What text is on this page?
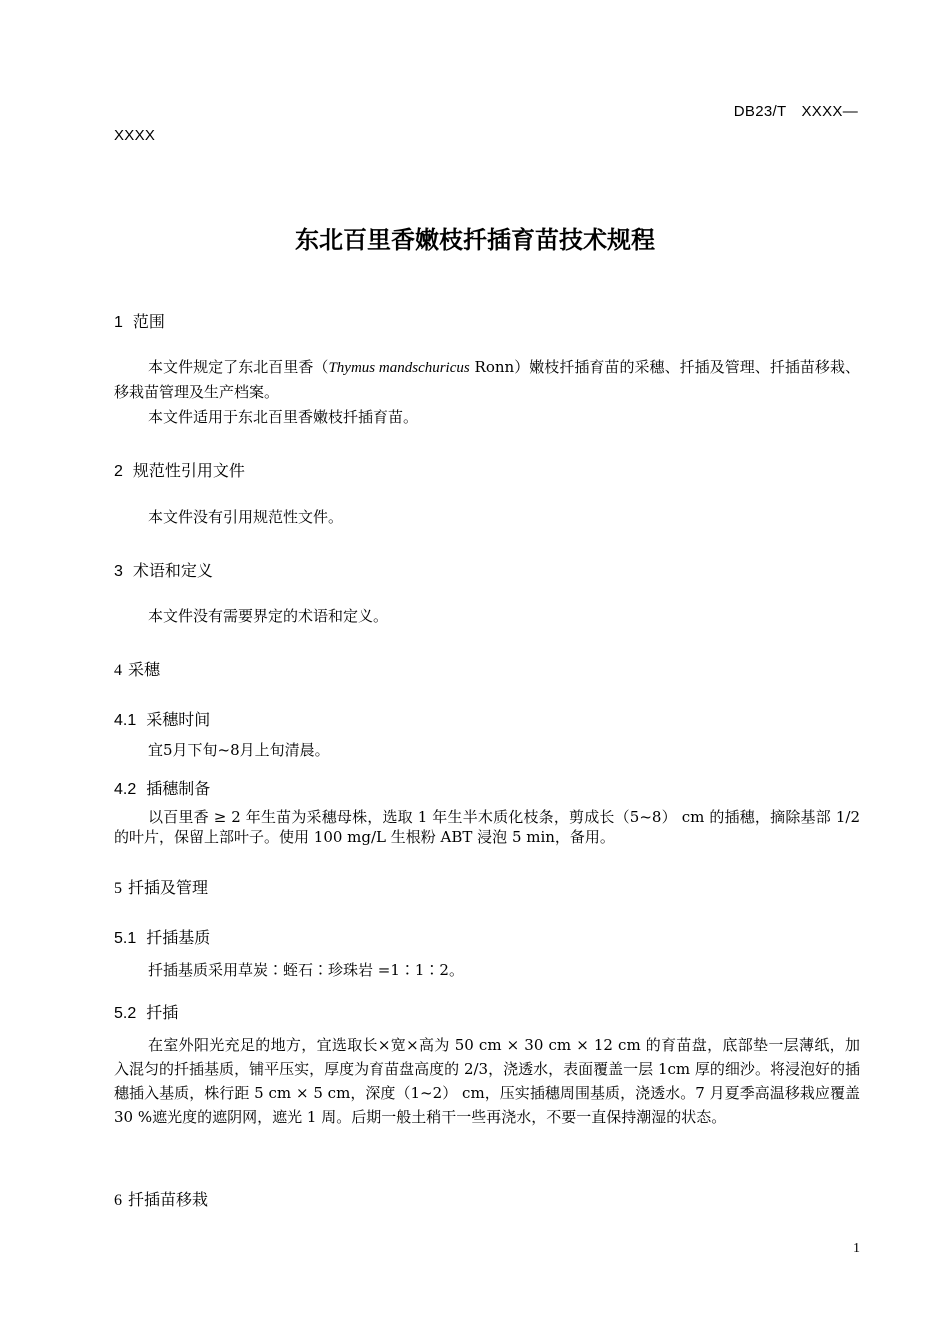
DB23/T　XXXX—
XXXX
东北百里香嫩枝扦插育苗技术规程
1 范围
本文件规定了东北百里香（Thymus mandschuricus Ronn）嫩枝扦插育苗的采穗、扦插及管理、扦插苗移栽、移栽苗管理及生产档案。
本文件适用于东北百里香嫩枝扦插育苗。
2 规范性引用文件
本文件没有引用规范性文件。
3 术语和定义
本文件没有需要界定的术语和定义。
4 采穗
4.1 采穗时间
宜5月下旬~8月上旬清晨。
4.2 插穗制备
以百里香 ≥ 2 年生苗为采穗母株，选取 1 年生半木质化枝条，剪成长（5~8） cm 的插穗，摘除基部 1/2 的叶片，保留上部叶子。使用 100 mg/L 生根粉 ABT 浸泡 5 min，备用。
5 扦插及管理
5.1 扦插基质
扦插基质采用草炭∶蛭石∶珍珠岩 =1∶1∶2。
5.2 扦插
在室外阳光充足的地方，宜选取长×宽×高为 50 cm × 30 cm × 12 cm 的育苗盘，底部垫一层薄纸，加入混匀的扦插基质，铺平压实，厚度为育苗盘高度的 2/3，浇透水，表面覆盖一层 1cm 厚的细沙。将浸泡好的插穗插入基质，株行距 5 cm × 5 cm，深度（1~2） cm，压实插穗周围基质，浇透水。7 月夏季高温移栽应覆盖 30 %遮光度的遮阴网，遮光 1 周。后期一般土稍干一些再浇水，不要一直保持潮湿的状态。
6 扦插苗移栽
1
